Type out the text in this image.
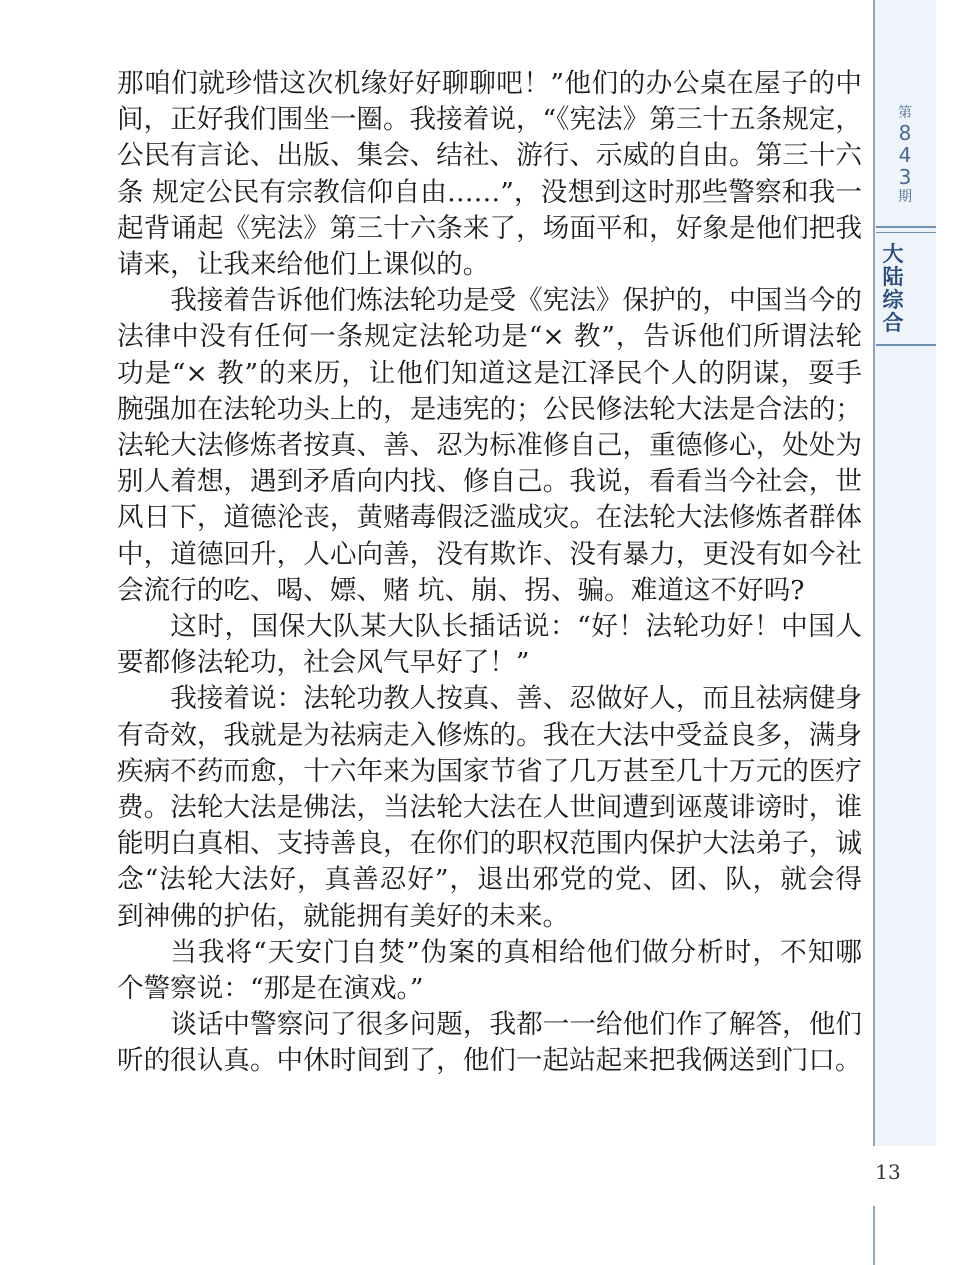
第
8
4
3
期
大
陆
综
合

那咱们就珍惜这次机缘好好聊聊吧！”他们的办公桌在屋子的中间，正好我们围坐一圈。我接着说，“《宪法》第三十五条规定，公民有言论、出版、集会、结社、游行、示威的自由。第三十六条 规定公民有宗教信仰自由……”，没想到这时那些警察和我一起背诵起《宪法》第三十六条来了，场面平和，好象是他们把我请来，让我来给他们上课似的。

我接着告诉他们炼法轮功是受《宪法》保护的，中国当今的法律中没有任何一条规定法轮功是“× 教”，告诉他们所谓法轮功是“× 教”的来历，让他们知道这是江泽民个人的阴谋，耍手腕强加在法轮功头上的，是违宪的；公民修法轮大法是合法的；法轮大法修炼者按真、善、忍为标准修自己，重德修心，处处为别人着想，遇到矛盾向内找、修自己。我说，看看当今社会，世风日下，道德沦丧，黄赌毒假泛滥成灾。在法轮大法修炼者群体中，道德回升，人心向善，没有欺诈、没有暴力，更没有如今社会流行的吃、喝、嫖、赌 坑、崩、拐、骗。难道这不好吗?

这时，国保大队某大队长插话说：“好！法轮功好！中国人要都修法轮功，社会风气早好了！”

我接着说：法轮功教人按真、善、忍做好人，而且祛病健身有奇效，我就是为祛病走入修炼的。我在大法中受益良多，满身疾病不药而愈，十六年来为国家节省了几万甚至几十万元的医疗费。法轮大法是佛法，当法轮大法在人世间遭到诬蔑诽谤时，谁能明白真相、支持善良，在你们的职权范围内保护大法弟子，诚念“法轮大法好，真善忍好”，退出邪党的党、团、队，就会得到神佛的护佑，就能拥有美好的未来。

当我将“天安门自焚”伪案的真相给他们做分析时，不知哪个警察说：“那是在演戏。”

谈话中警察问了很多问题，我都一一给他们作了解答，他们听的很认真。中休时间到了，他们一起站起来把我俩送到门口。

13
